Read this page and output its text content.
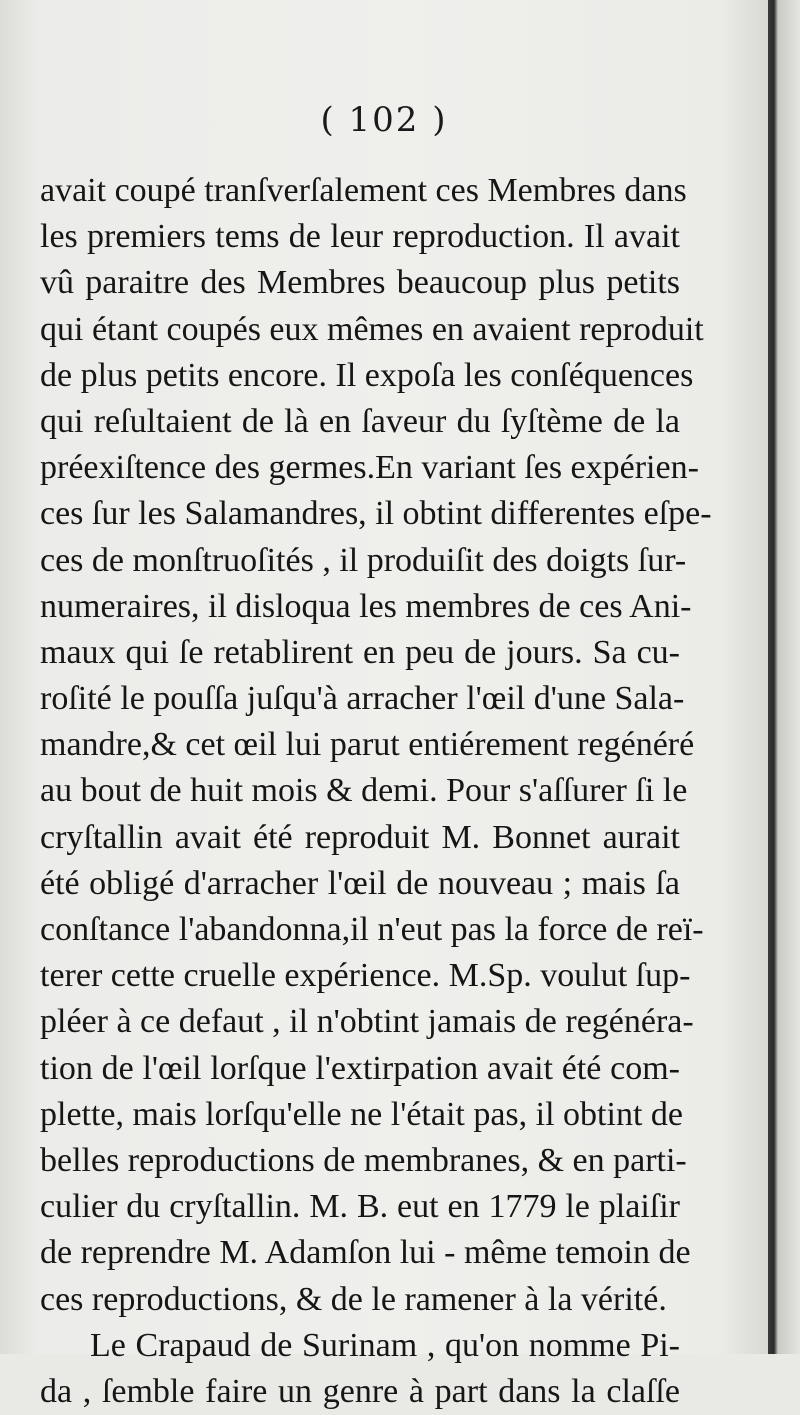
( 102 )
avait coupé tranſverſalement ces Membres dans
les premiers tems de leur reproduction. Il avait
vû paraitre des Membres beaucoup plus petits
qui étant coupés eux mêmes en avaient reproduit
de plus petits encore. Il expoſa les conſéquences
qui reſultaient de là en ſaveur du ſyſtème de la
préexiſtence des germes.En variant ſes expérien-
ces ſur les Salamandres, il obtint differentes eſpe-
ces de monſtruoſités , il produiſit des doigts ſur-
numeraires, il disloqua les membres de ces Ani-
maux qui ſe retablirent en peu de jours. Sa cu-
roſité le pouſſa juſqu'à arracher l'œil d'une Sala-
mandre,& cet œil lui parut entiérement regénéré
au bout de huit mois & demi. Pour s'aſſurer ſi le
cryſtallin avait été reproduit M. Bonnet aurait
été obligé d'arracher l'œil de nouveau ; mais ſa
conſtance l'abandonna,il n'eut pas la force de reï-
terer cette cruelle expérience. M.Sp. voulut ſup-
pléer à ce defaut , il n'obtint jamais de regénéra-
tion de l'œil lorſque l'extirpation avait été com-
plette, mais lorſqu'elle ne l'était pas, il obtint de
belles reproductions de membranes, & en parti-
culier du cryſtallin. M. B. eut en 1779 le plaiſir
de reprendre M. Adamſon lui - même temoin de
ces reproductions, & de le ramener à la vérité.
Le Crapaud de Surinam , qu'on nomme Pi-
da , ſemble faire un genre à part dans la claſſe
